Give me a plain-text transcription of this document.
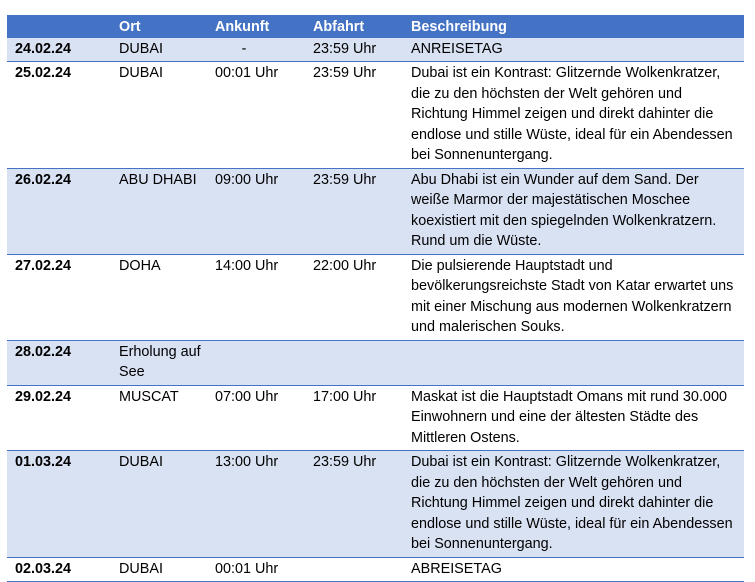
	Ort	Ankunft	Abfahrt	Beschreibung
24.02.24	DUBAI	-	23:59 Uhr	ANREISETAG
25.02.24	DUBAI	00:01 Uhr	23:59 Uhr	Dubai ist ein Kontrast: Glitzernde Wolkenkratzer, die zu den höchsten der Welt gehören und Richtung Himmel zeigen und direkt dahinter die endlose und stille Wüste, ideal für ein Abendessen bei Sonnenuntergang.
26.02.24	ABU DHABI	09:00 Uhr	23:59 Uhr	Abu Dhabi ist ein Wunder auf dem Sand. Der weiße Marmor der majestätischen Moschee koexistiert mit den spiegelnden Wolkenkratzern. Rund um die Wüste.
27.02.24	DOHA	14:00 Uhr	22:00 Uhr	Die pulsierende Hauptstadt und bevölkerungsreichste Stadt von Katar erwartet uns mit einer Mischung aus modernen Wolkenkratzern und malerischen Souks.
28.02.24	Erholung auf See			
29.02.24	MUSCAT	07:00 Uhr	17:00 Uhr	Maskat ist die Hauptstadt Omans mit rund 30.000 Einwohnern und eine der ältesten Städte des Mittleren Ostens.
01.03.24	DUBAI	13:00 Uhr	23:59 Uhr	Dubai ist ein Kontrast: Glitzernde Wolkenkratzer, die zu den höchsten der Welt gehören und Richtung Himmel zeigen und direkt dahinter die endlose und stille Wüste, ideal für ein Abendessen bei Sonnenuntergang.
02.03.24	DUBAI	00:01 Uhr		ABREISETAG
